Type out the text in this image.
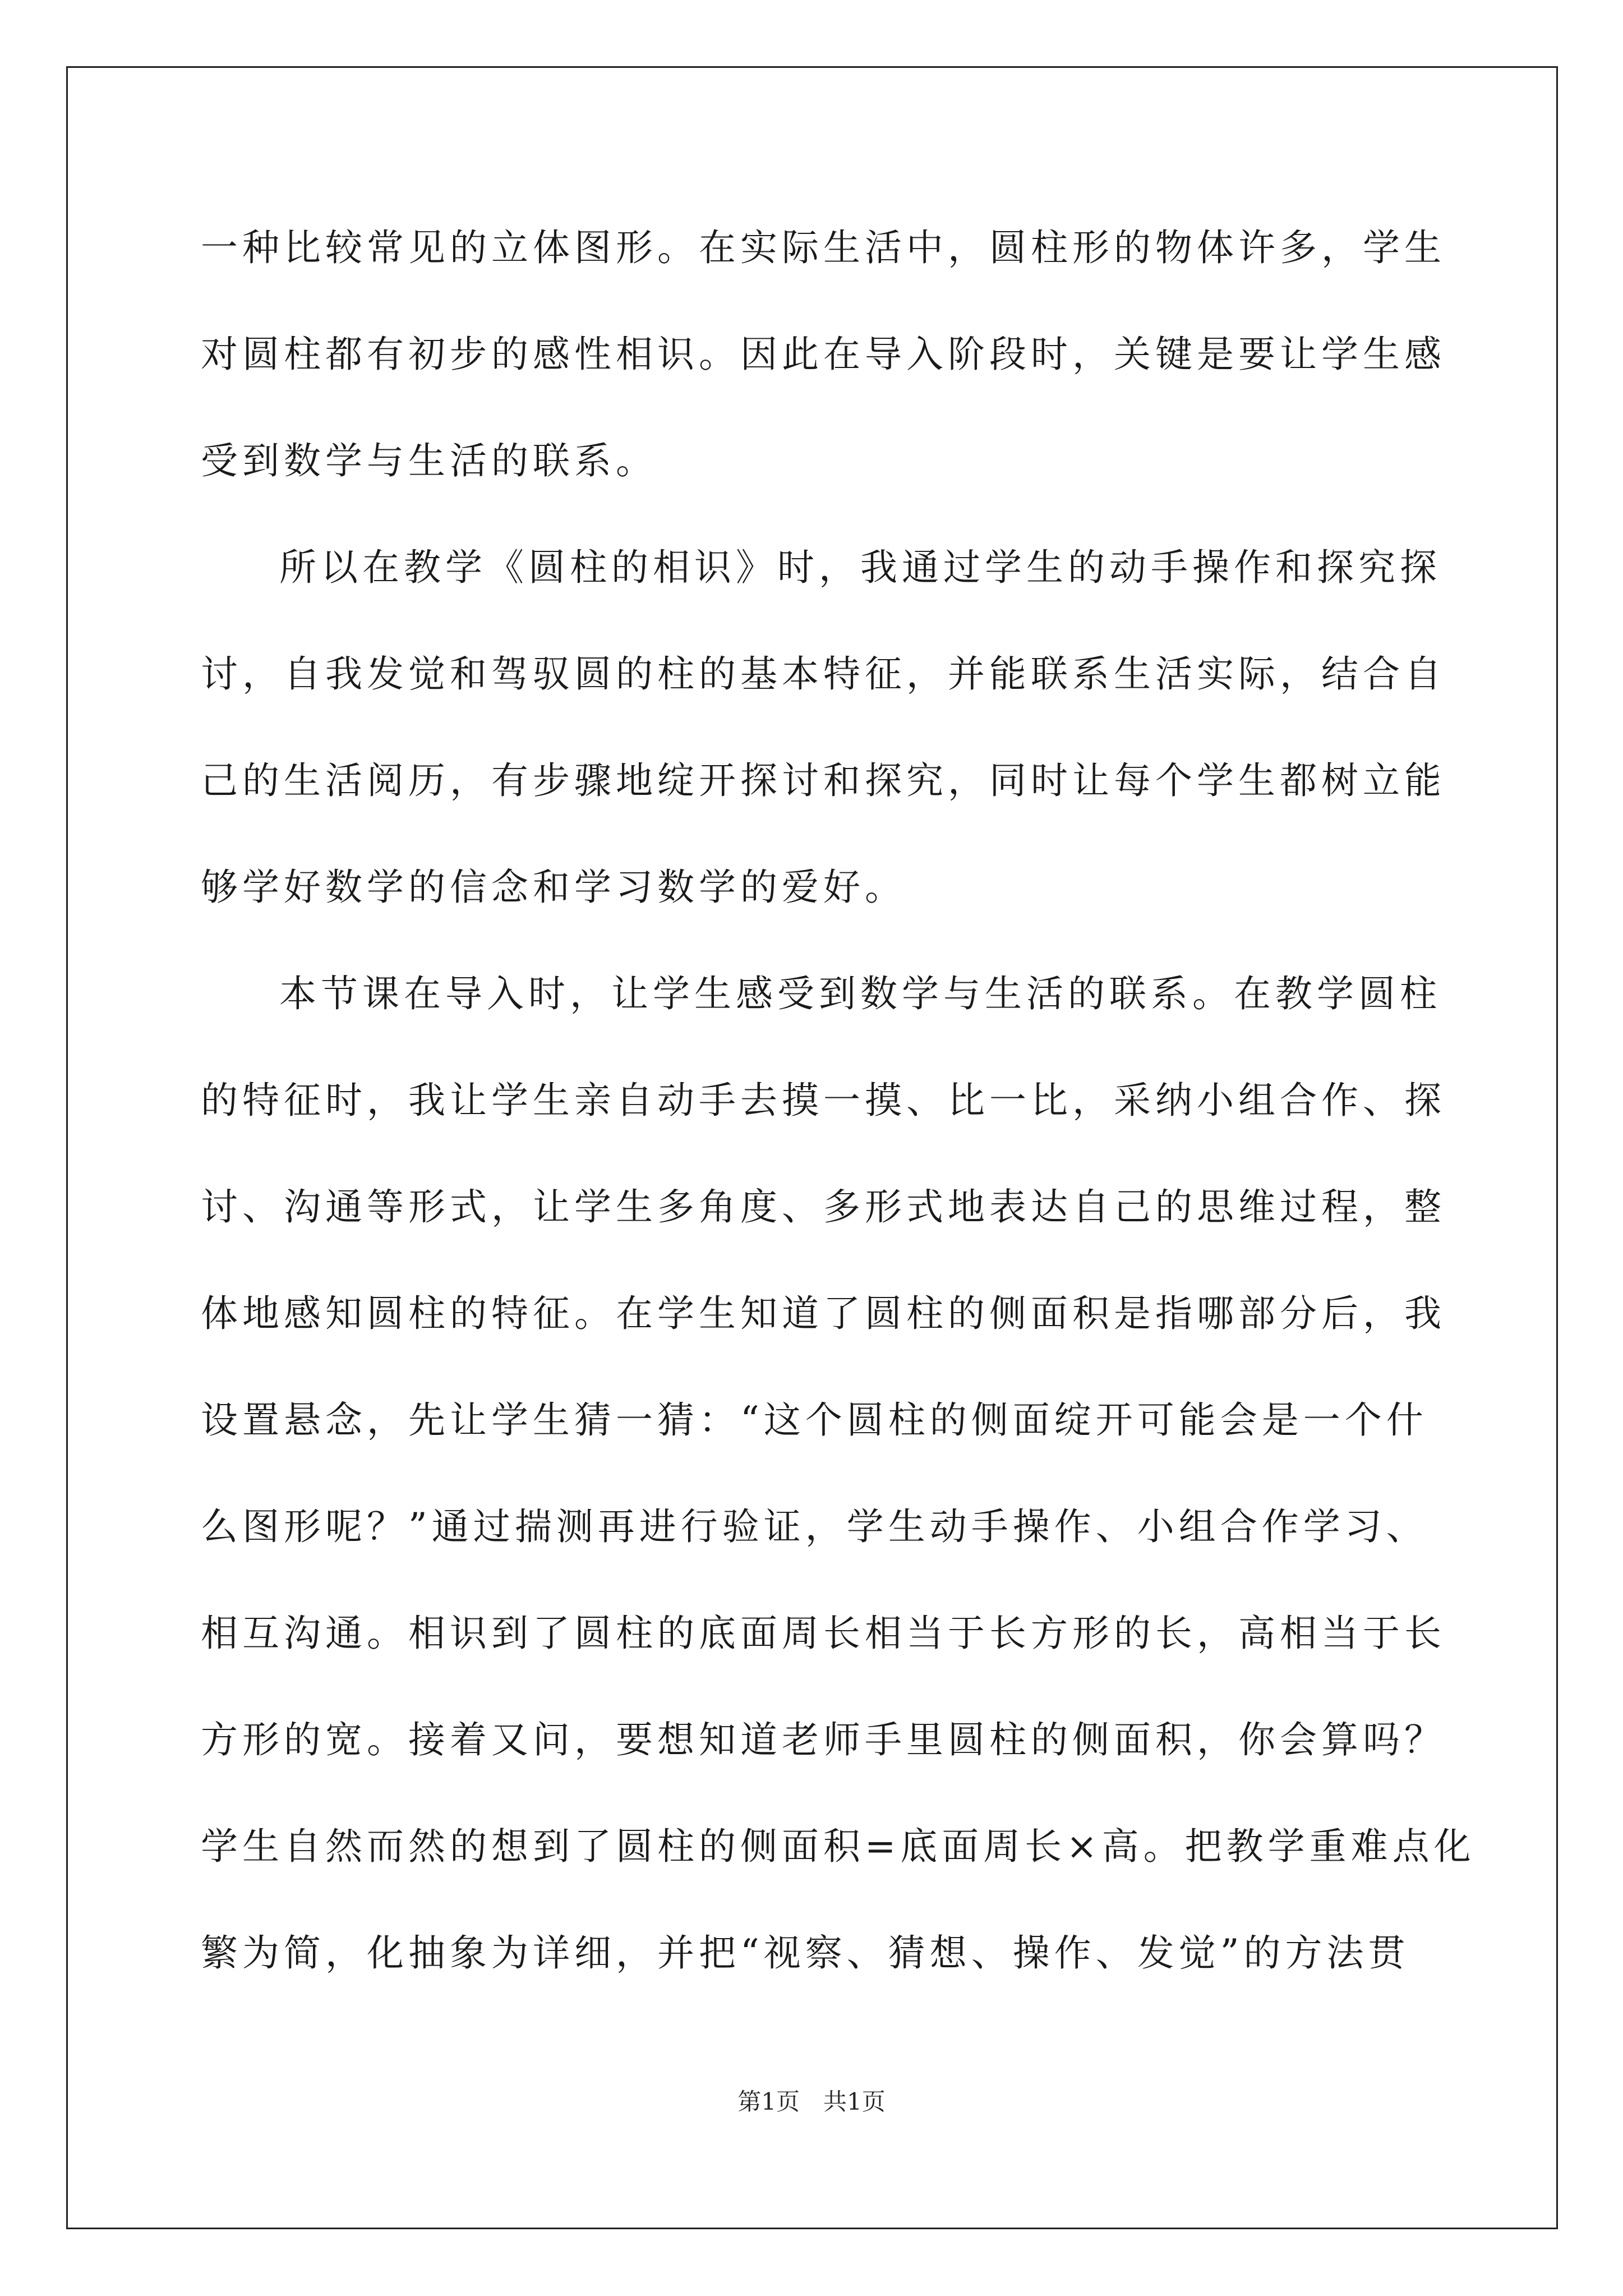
一种比较常见的立体图形。在实际生活中，圆柱形的物体许多，学生
对圆柱都有初步的感性相识。因此在导入阶段时，关键是要让学生感
受到数学与生活的联系。
所以在教学《圆柱的相识》时，我通过学生的动手操作和探究探
讨，自我发觉和驾驭圆的柱的基本特征，并能联系生活实际，结合自
己的生活阅历，有步骤地绽开探讨和探究，同时让每个学生都树立能
够学好数学的信念和学习数学的爱好。
本节课在导入时，让学生感受到数学与生活的联系。在教学圆柱
的特征时，我让学生亲自动手去摸一摸、比一比，采纳小组合作、探
讨、沟通等形式，让学生多角度、多形式地表达自己的思维过程，整
体地感知圆柱的特征。在学生知道了圆柱的侧面积是指哪部分后，我
设置悬念，先让学生猜一猜：“这个圆柱的侧面绽开可能会是一个什
么图形呢？”通过揣测再进行验证，学生动手操作、小组合作学习、
相互沟通。相识到了圆柱的底面周长相当于长方形的长，高相当于长
方形的宽。接着又问，要想知道老师手里圆柱的侧面积，你会算吗？
学生自然而然的想到了圆柱的侧面积=底面周长×高。把教学重难点化
繁为简，化抽象为详细，并把“视察、猜想、操作、发觉”的方法贯
第1页　共1页
